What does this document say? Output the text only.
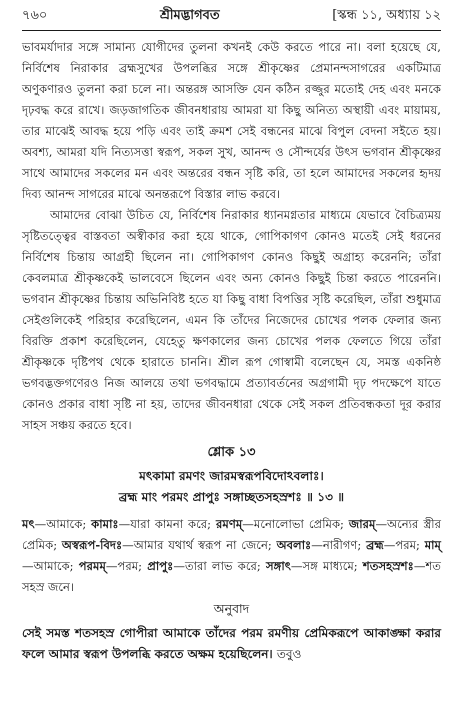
৭৬০	শ্রীমদ্ভাগবত	[স্কন্ধ ১১, অধ্যায় ১২

ভাবমর্যাদার সঙ্গে সামান্য যোগীদের তুলনা কখনই কেউ করতে পারে না। বলা হয়েছে যে, নির্বিশেষ নিরাকার ব্রহ্মসুখের উপলব্ধির সঙ্গে শ্রীকৃষ্ণের প্রেমানন্দসাগরের একটিমাত্র অণুকণারও তুলনা করা চলে না। অন্তরঙ্গ আসক্তি যেন কঠিন রজ্জুর মতোই দেহ এবং মনকে দৃঢ়বদ্ধ করে রাখে। জড়জাগতিক জীবনধারায় আমরা যা কিছু অনিত্য অস্থায়ী এবং মায়াময়, তার মাঝেই আবদ্ধ হয়ে পড়ি এবং তাই ক্রমশ সেই বন্ধনের মাঝে বিপুল বেদনা সইতে হয়। অবশ্য, আমরা যদি নিত্যসত্তা স্বরূপ, সকল সুখ, আনন্দ ও সৌন্দর্যের উৎস ভগবান শ্রীকৃষ্ণের সাথে আমাদের সকলের মন এবং অন্তরের বন্ধন সৃষ্টি করি, তা হলে আমাদের সকলের হৃদয় দিব্য আনন্দ সাগরের মাঝে অনন্তরূপে বিস্তার লাভ করবে।

আমাদের বোঝা উচিত যে, নির্বিশেষ নিরাকার ধ্যানমগ্নতার মাধ্যমে যেভাবে বৈচিত্র্যময় সৃষ্টিতত্ত্বের বাস্তবতা অস্বীকার করা হয়ে থাকে, গোপিকাগণ কোনও মতেই সেই ধরনের নির্বিশেষ চিন্তায় আগ্রহী ছিলেন না। গোপিকাগণ কোনও কিছুই অগ্রাহ্য করেননি; তাঁরা কেবলমাত্র শ্রীকৃষ্ণকেই ভালবেসে ছিলেন এবং অন্য কোনও কিছুই চিন্তা করতে পারেননি। ভগবান শ্রীকৃষ্ণের চিন্তায় অভিনিবিষ্ট হতে যা কিছু বাধা বিপত্তির সৃষ্টি করেছিল, তাঁরা শুধুমাত্র সেইগুলিকেই পরিহার করেছিলেন, এমন কি তাঁদের নিজেদের চোখের পলক ফেলার জন্য বিরক্তি প্রকাশ করেছিলেন, যেহেতু ক্ষণকালের জন্য চোখের পলক ফেলতে গিয়ে তাঁরা শ্রীকৃষ্ণকে দৃষ্টিপথ থেকে হারাতে চাননি। শ্রীল রূপ গোস্বামী বলেছেন যে, সমস্ত একনিষ্ঠ ভগবদ্ভক্তগণেরও নিজ আলয়ে তথা ভগবদ্ধামে প্রত্যাবর্তনের অগ্রগামী দৃঢ় পদক্ষেপে যাতে কোনও প্রকার বাধা সৃষ্টি না হয়, তাদের জীবনধারা থেকে সেই সকল প্রতিবন্ধকতা দূর করার সাহস সঞ্চয় করতে হবে।

শ্লোক ১৩

মৎকামা রমণং জারমস্বরূপবিদোঽবলাঃ।

ব্রহ্ম মাং পরমং প্রাপুঃ সঙ্গাচ্ছতসহস্রশঃ ॥ ১৩ ॥

মৎ—আমাকে; কামাঃ—যারা কামনা করে; রমণম্—মনোলোভা প্রেমিক; জারম্—অন্যের স্ত্রীর প্রেমিক; অস্বরূপ-বিদঃ—আমার যথার্থ স্বরূপ না জেনে; অবলাঃ—নারীগণ; ব্রহ্ম—পরম; মাম্—আমাকে; পরমম্—পরম; প্রাপুঃ—তারা লাভ করে; সঙ্গাৎ—সঙ্গ মাধ্যমে; শতসহস্রশঃ—শত সহস্র জনে।

অনুবাদ

সেই সমস্ত শতসহস্র গোপীরা আমাকে তাঁদের পরম রমণীয় প্রেমিকরূপে আকাঙ্ক্ষা করার ফলে আমার স্বরূপ উপলব্ধি করতে অক্ষম হয়েছিলেন। তবুও
